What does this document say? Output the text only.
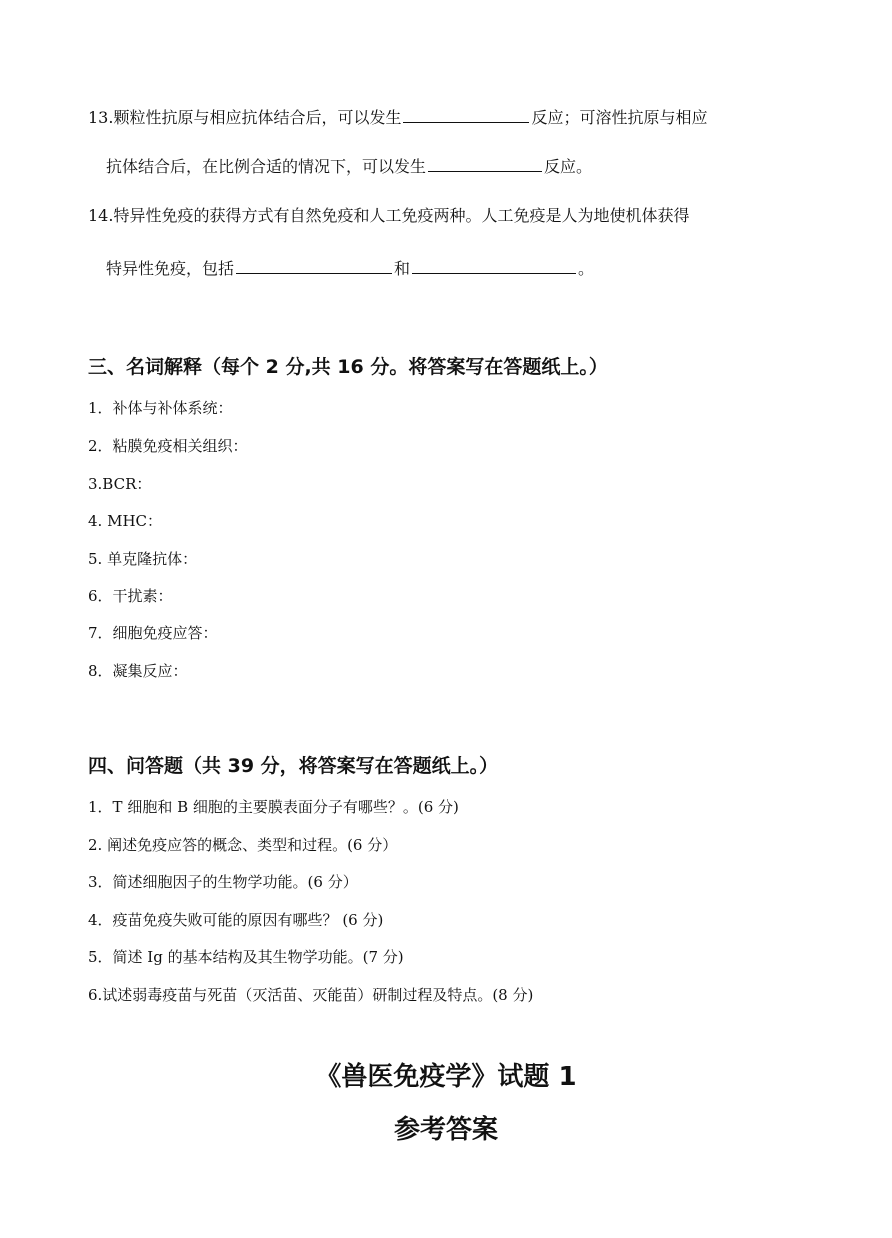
13.颗粒性抗原与相应抗体结合后，可以发生	反应；可溶性抗原与相应
抗体结合后，在比例合适的情况下，可以发生	反应。
14.特异性免疫的获得方式有自然免疫和人工免疫两种。人工免疫是人为地使机体获得
特异性免疫，包括	和	。
三、名词解释（每个 2 分,共 16 分。将答案写在答题纸上。）
1．补体与补体系统：
2．粘膜免疫相关组织：
3.BCR：
4. MHC：
5. 单克隆抗体：
6．干扰素：
7．细胞免疫应答：
8．凝集反应：
四、问答题（共 39 分，将答案写在答题纸上。）
1．T 细胞和 B 细胞的主要膜表面分子有哪些？。(6 分)
2. 阐述免疫应答的概念、类型和过程。(6 分）
3．简述细胞因子的生物学功能。(6 分）
4．疫苗免疫失败可能的原因有哪些？ (6 分)
5．简述 Ig 的基本结构及其生物学功能。(7 分)
6.试述弱毒疫苗与死苗（灭活苗、灭能苗）研制过程及特点。(8 分)
《兽医免疫学》试题 1
参考答案
